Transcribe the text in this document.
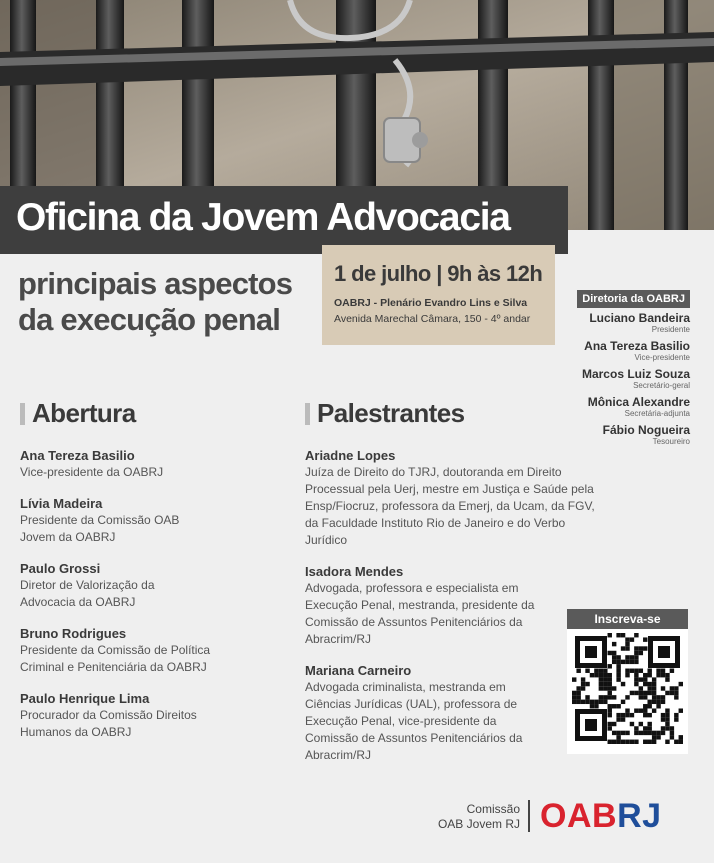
Oficina da Jovem Advocacia
principais aspectos
da execução penal
1 de julho | 9h às 12h
OABRJ - Plenário Evandro Lins e Silva
Avenida Marechal Câmara, 150 - 4º andar
Diretoria da OABRJ
Luciano Bandeira
Presidente
Ana Tereza Basilio
Vice-presidente
Marcos Luiz Souza
Secretário-geral
Mônica Alexandre
Secretária-adjunta
Fábio Nogueira
Tesoureiro
Abertura
Ana Tereza Basilio
Vice-presidente da OABRJ
Lívia Madeira
Presidente da Comissão OAB Jovem da OABRJ
Paulo Grossi
Diretor de Valorização da Advocacia da OABRJ
Bruno Rodrigues
Presidente da Comissão de Política Criminal e Penitenciária da OABRJ
Paulo Henrique Lima
Procurador da Comissão Direitos Humanos da OABRJ
Palestrantes
Ariadne Lopes
Juíza de Direito do TJRJ, doutoranda em Direito Processual pela Uerj, mestre em Justiça e Saúde pela Ensp/Fiocruz, professora da Emerj, da Ucam, da FGV, da Faculdade Instituto Rio de Janeiro e do Verbo Jurídico
Isadora Mendes
Advogada, professora e especialista em Execução Penal, mestranda, presidente da Comissão de Assuntos Penitenciários da Abracrim/RJ
Mariana Carneiro
Advogada criminalista, mestranda em Ciências Jurídicas (UAL), professora de Execução Penal, vice-presidente da Comissão de Assuntos Penitenciários da Abracrim/RJ
Inscreva-se
Comissão
OAB Jovem RJ OABRJ
